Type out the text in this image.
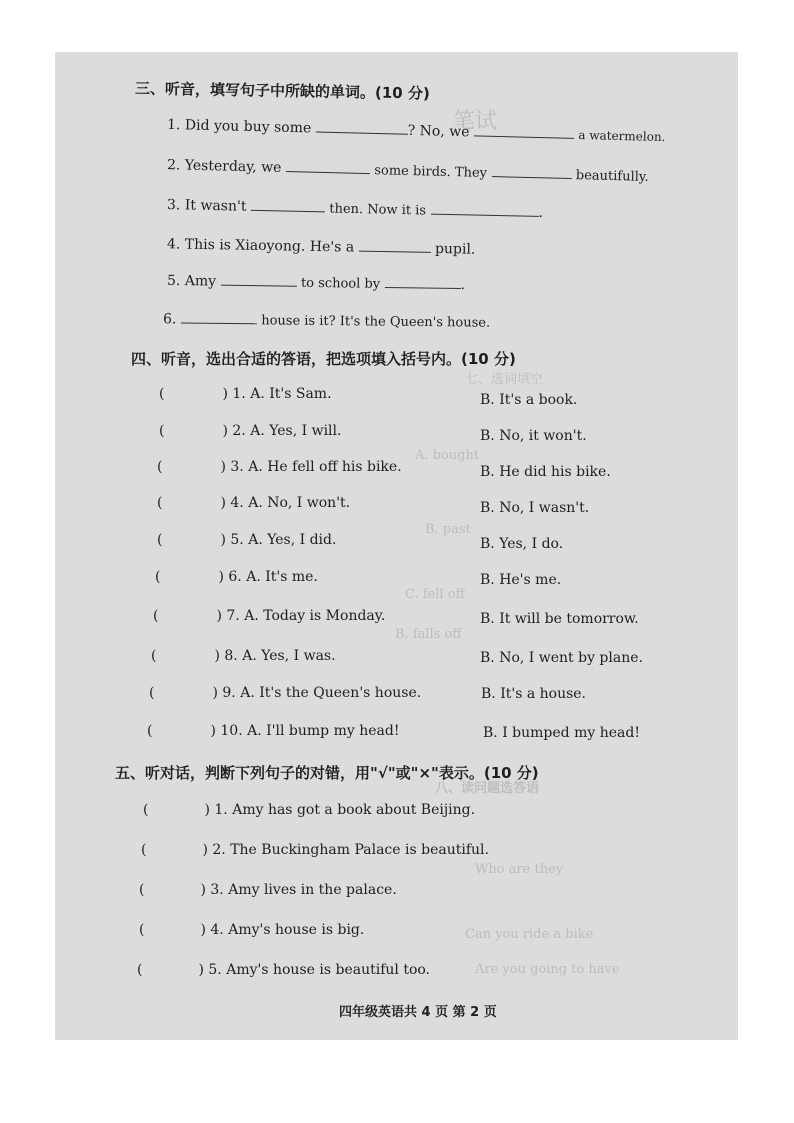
笔试
七、选词填空
A. bought
B. past
C. fell off
B. falls off
八、读问题选答语
Who are they
Can you ride a bike
Are you going to have
三、听音，填写句子中所缺的单词。(10 分)
1. Did you buy some	? No, we	a watermelon.
2. Yesterday, we	some birds. They	beautifully.
3. It wasn't	then. Now it is	.
4. This is Xiaoyong. He's a	pupil.
5. Amy	to school by	.
6.	house is it? It's the Queen's house.
四、听音，选出合适的答语，把选项填入括号内。(10 分)
(	) 1. A. It's Sam.	B. It's a book.
(	) 2. A. Yes, I will.	B. No, it won't.
(	) 3. A. He fell off his bike.	B. He did his bike.
(	) 4. A. No, I won't.	B. No, I wasn't.
(	) 5. A. Yes, I did.	B. Yes, I do.
(	) 6. A. It's me.	B. He's me.
(	) 7. A. Today is Monday.	B. It will be tomorrow.
(	) 8. A. Yes, I was.	B. No, I went by plane.
(	) 9. A. It's the Queen's house.	B. It's a house.
(	) 10. A. I'll bump my head!	B. I bumped my head!
五、听对话，判断下列句子的对错，用"√"或"×"表示。(10 分)
(	) 1. Amy has got a book about Beijing.
(	) 2. The Buckingham Palace is beautiful.
(	) 3. Amy lives in the palace.
(	) 4. Amy's house is big.
(	) 5. Amy's house is beautiful too.
四年级英语共 4 页 第 2 页
